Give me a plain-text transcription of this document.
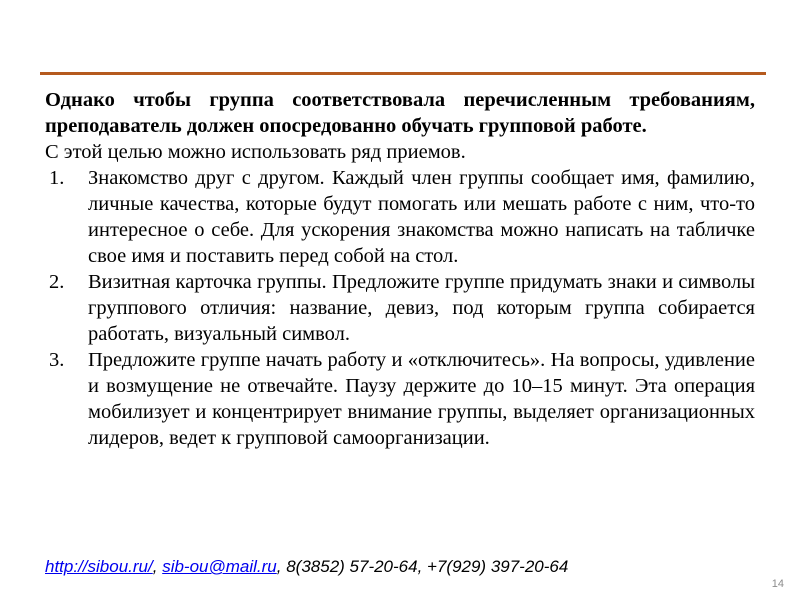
Однако чтобы группа соответствовала перечисленным требованиям, преподаватель должен опосредованно обучать групповой работе.

С этой целью можно использовать ряд приемов.

1. Знакомство друг с другом. Каждый член группы сообщает имя, фамилию, личные качества, которые будут помогать или мешать работе с ним, что-то интересное о себе. Для ускорения знакомства можно написать на табличке свое имя и поставить перед собой на стол.
2. Визитная карточка группы. Предложите группе придумать знаки и символы группового отличия: название, девиз, под которым группа собирается работать, визуальный символ.
3. Предложите группе начать работу и «отключитесь». На вопросы, удивление и возмущение не отвечайте. Паузу держите до 10–15 минут. Эта операция мобилизует и концентрирует внимание группы, выделяет организационных лидеров, ведет к групповой самоорганизации.
http://sibou.ru/, sib-ou@mail.ru, 8(3852) 57-20-64, +7(929) 397-20-64
14
